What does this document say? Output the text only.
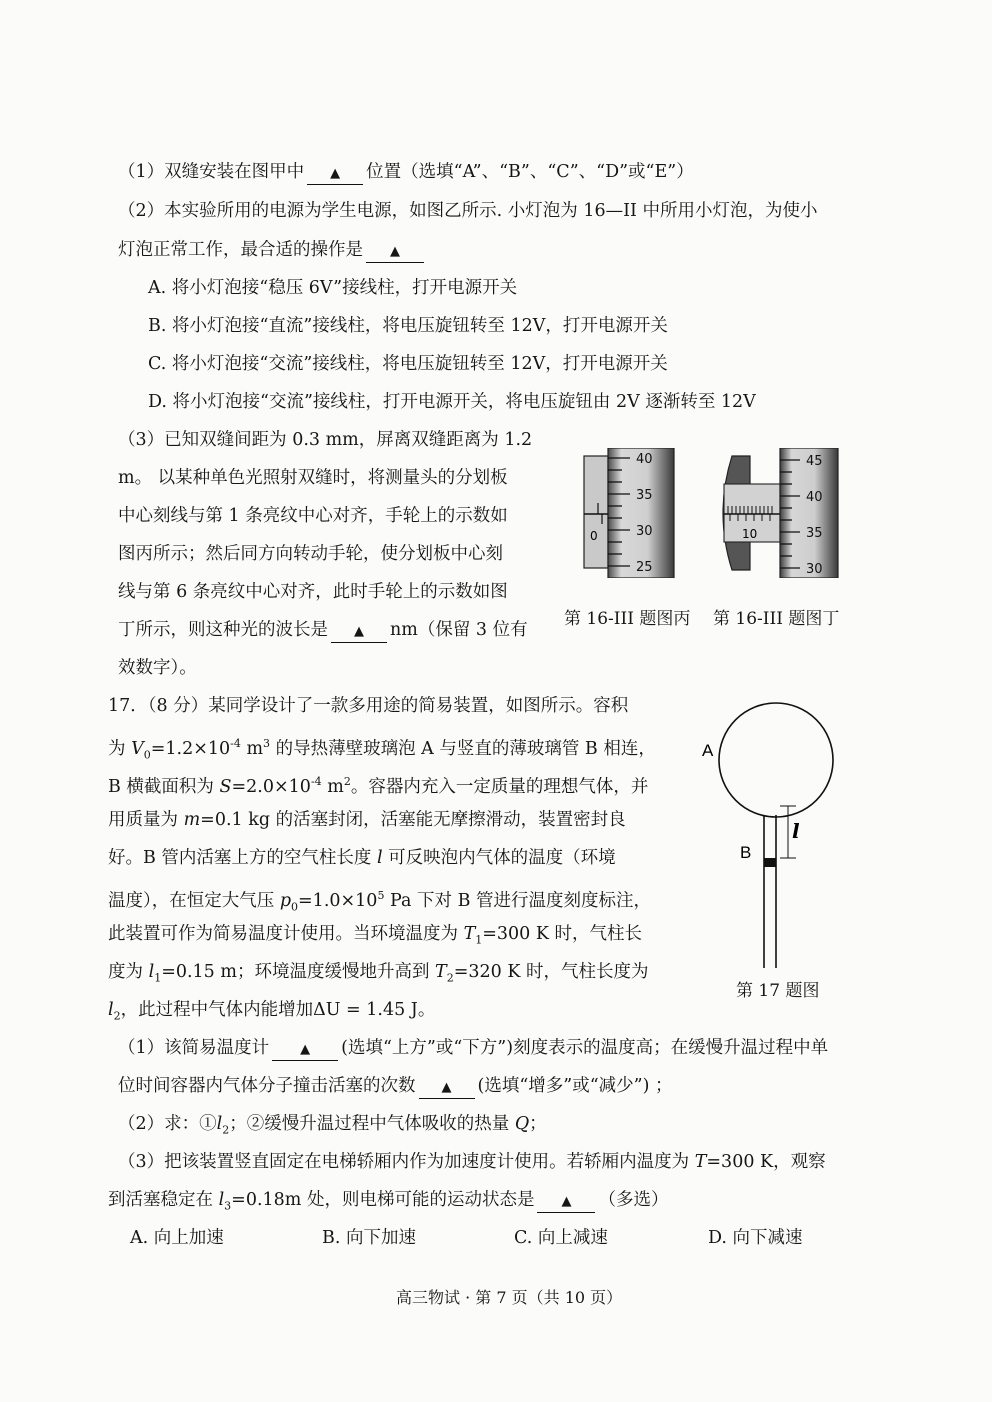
（1）双缝安装在图甲中 ▲ 位置（选填“A”、“B”、“C”、“D”或“E”）
（2）本实验所用的电源为学生电源，如图乙所示. 小灯泡为 16—II 中所用小灯泡，为使小
灯泡正常工作，最合适的操作是 ▲
A. 将小灯泡接“稳压 6V”接线柱，打开电源开关
B. 将小灯泡接“直流”接线柱，将电压旋钮转至 12V，打开电源开关
C. 将小灯泡接“交流”接线柱，将电压旋钮转至 12V，打开电源开关
D. 将小灯泡接“交流”接线柱，打开电源开关，将电压旋钮由 2V 逐渐转至 12V
（3）已知双缝间距为 0.3 mm，屏离双缝距离为 1.2
m。 以某种单色光照射双缝时，将测量头的分划板
中心刻线与第 1 条亮纹中心对齐，手轮上的示数如
图丙所示；然后同方向转动手轮，使分划板中心刻
线与第 6 条亮纹中心对齐，此时手轮上的示数如图
丁所示，则这种光的波长是 ▲ nm（保留 3 位有
效数字）。
0
40
35
30
25
第 16-III 题图丙
10
45
40
35
30
第 16-III 题图丁
17．（8 分）某同学设计了一款多用途的简易装置，如图所示。容积
为 $V_0=1.2\times 10^{-4}$ $m^3$ 的导热薄壁玻璃泡 A 与竖直的薄玻璃管 B 相连，
B 横截面积为 $S=2.0\times 10^{-4}$ $m^2$。容器内充入一定质量的理想气体，并
用质量为 m=0.1 kg 的活塞封闭，活塞能无摩擦滑动，装置密封良
好。B 管内活塞上方的空气柱长度 l 可反映泡内气体的温度（环境
温度），在恒定大气压 $p_0=1.0\times 10^5$ Pa 下对 B 管进行温度刻度标注，
此装置可作为简易温度计使用。当环境温度为 $T_1=300$ K 时，气柱长
度为 $l_1=0.15$ m；环境温度缓慢地升高到 $T_2=320$ K 时，气柱长度为
$l_2$，此过程中气体内能增加ΔU = 1.45 J。
A
B
l
第 17 题图
（1）该简易温度计 ▲ (选填“上方”或“下方”)刻度表示的温度高；在缓慢升温过程中单
位时间容器内气体分子撞击活塞的次数 ▲ (选填“增多”或“减少”) ；
（2）求：$①l_2$；②缓慢升温过程中气体吸收的热量 Q；
（3）把该装置竖直固定在电梯轿厢内作为加速度计使用。若轿厢内温度为 T=300 K，观察
到活塞稳定在 $l_3=0.18m$ 处，则电梯可能的运动状态是 ▲ （多选）
A. 向上加速	B. 向下加速	C. 向上减速	D. 向下减速
高三物试 · 第 7 页（共 10 页）
